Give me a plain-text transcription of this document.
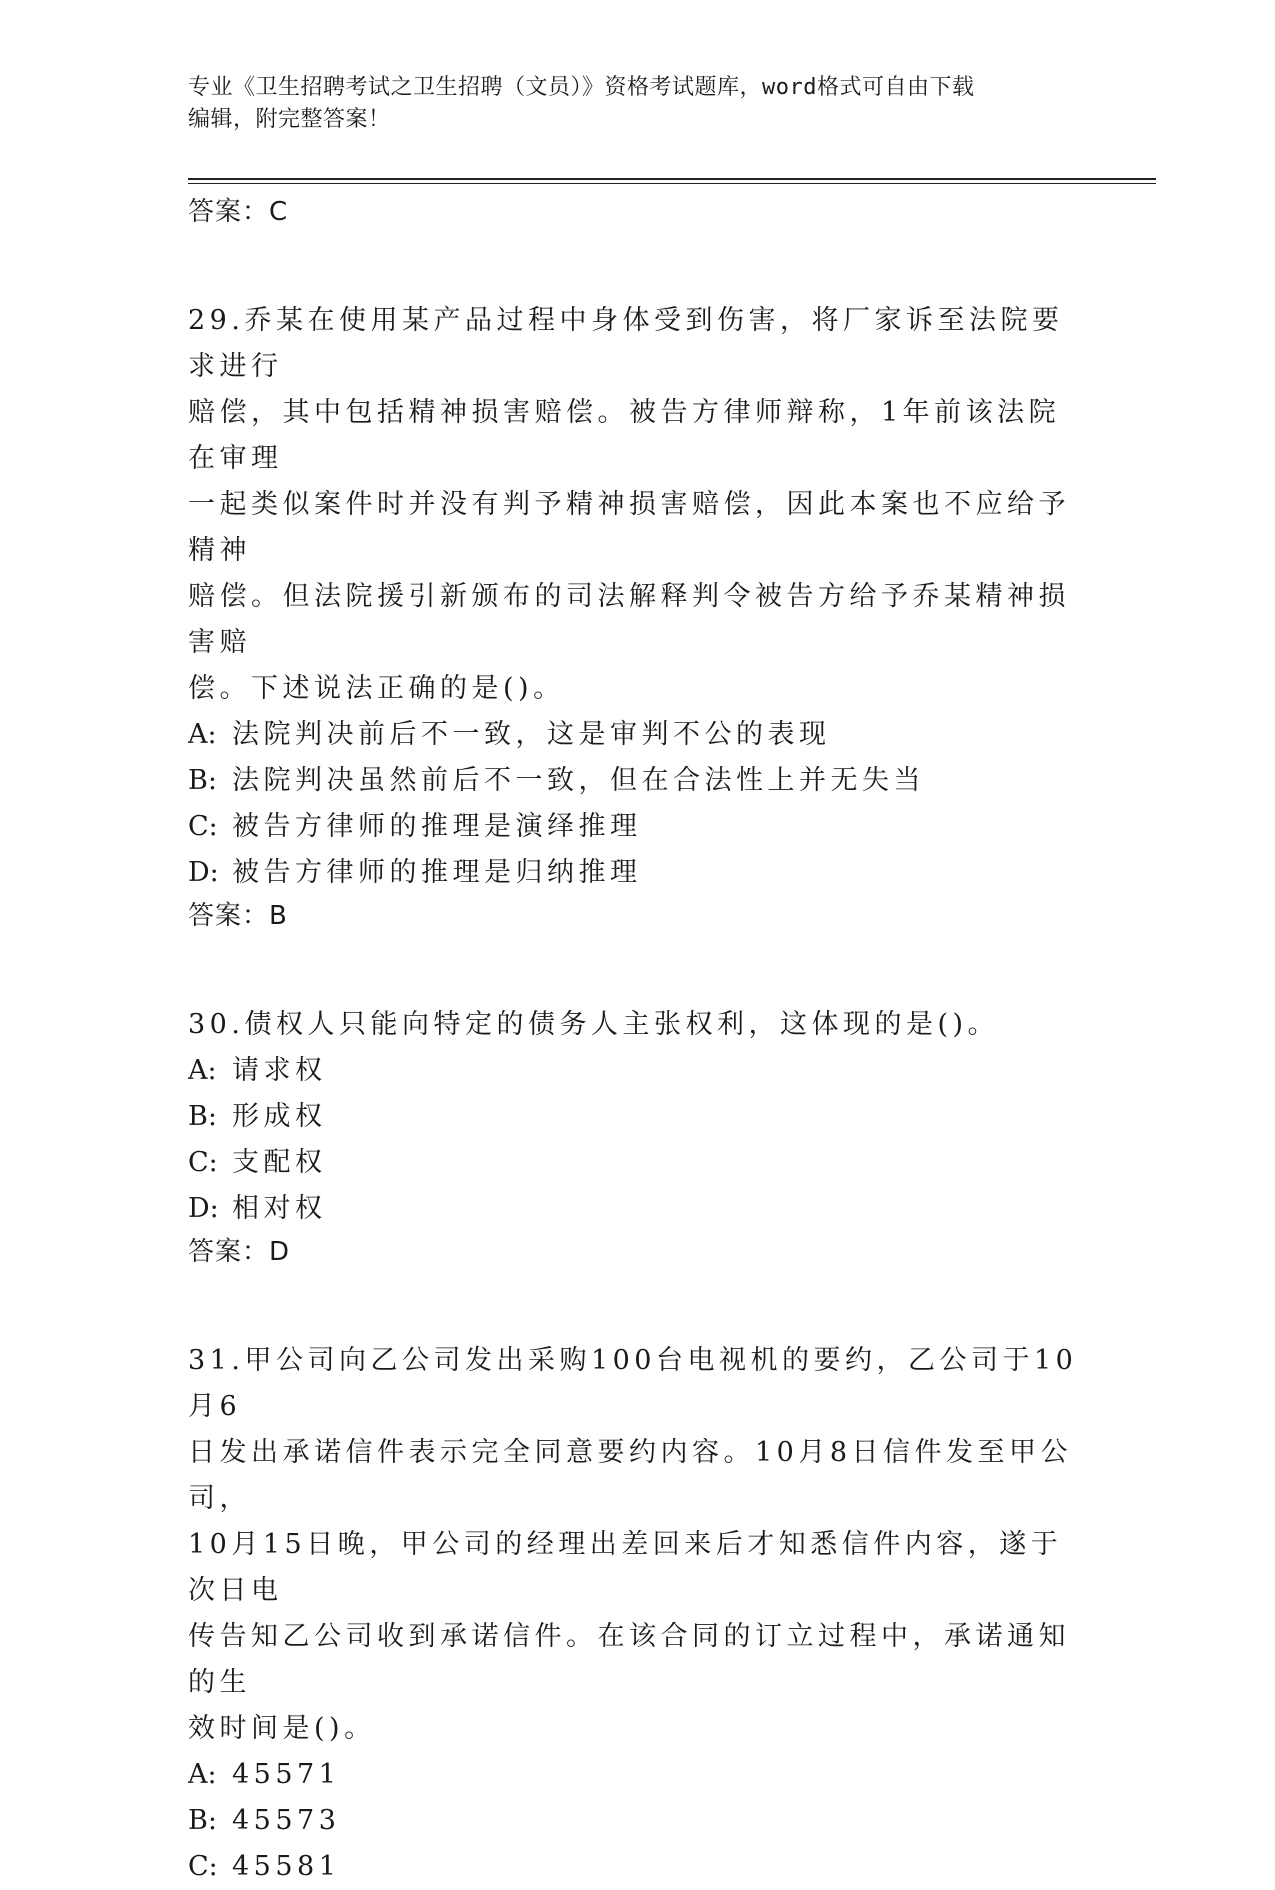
专业《卫生招聘考试之卫生招聘（文员）》资格考试题库，word格式可自由下载
编辑，附完整答案！
答案：C
29.乔某在使用某产品过程中身体受到伤害，将厂家诉至法院要求进行
赔偿，其中包括精神损害赔偿。被告方律师辩称，1年前该法院在审理
一起类似案件时并没有判予精神损害赔偿，因此本案也不应给予精神
赔偿。但法院援引新颁布的司法解释判令被告方给予乔某精神损害赔
偿。下述说法正确的是()。
A: 法院判决前后不一致，这是审判不公的表现
B: 法院判决虽然前后不一致，但在合法性上并无失当
C: 被告方律师的推理是演绎推理
D: 被告方律师的推理是归纳推理
答案：B
30.债权人只能向特定的债务人主张权利，这体现的是()。
A: 请求权
B: 形成权
C: 支配权
D: 相对权
答案：D
31.甲公司向乙公司发出采购100台电视机的要约，乙公司于10月6
日发出承诺信件表示完全同意要约内容。10月8日信件发至甲公司，
10月15日晚，甲公司的经理出差回来后才知悉信件内容，遂于次日电
传告知乙公司收到承诺信件。在该合同的订立过程中，承诺通知的生
效时间是()。
A: 45571
B: 45573
C: 45581
